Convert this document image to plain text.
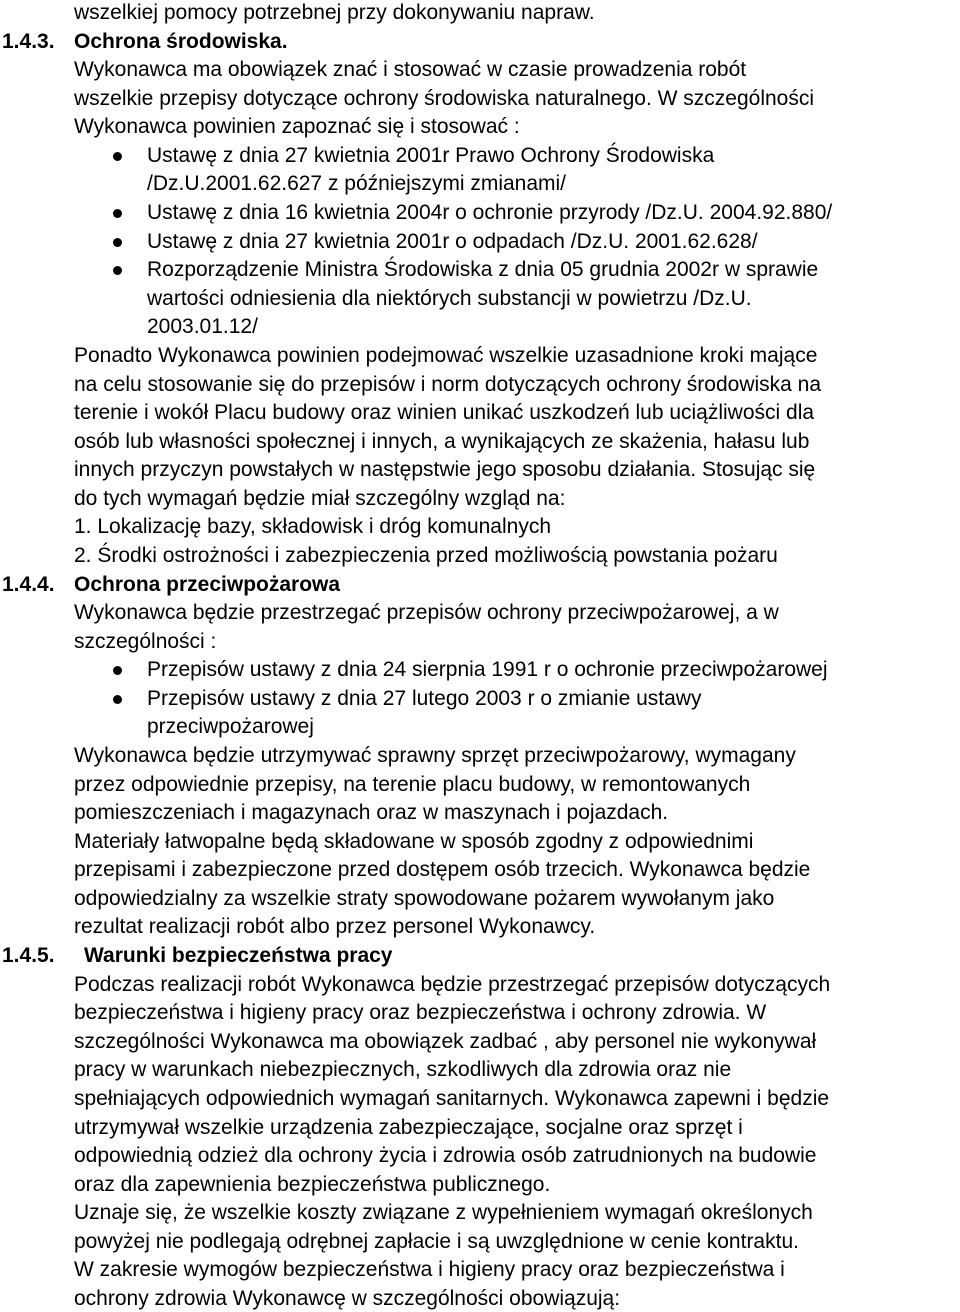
wszelkiej pomocy potrzebnej przy dokonywaniu napraw.
1.4.3. Ochrona środowiska.
Wykonawca ma obowiązek znać i stosować w czasie prowadzenia robót
wszelkie przepisy dotyczące ochrony środowiska naturalnego. W szczególności
Wykonawca powinien zapoznać się i stosować :
Ustawę z dnia 27 kwietnia 2001r Prawo Ochrony Środowiska
/Dz.U.2001.62.627 z późniejszymi zmianami/
Ustawę z dnia 16 kwietnia 2004r o ochronie przyrody /Dz.U. 2004.92.880/
Ustawę z dnia 27 kwietnia 2001r o odpadach /Dz.U. 2001.62.628/
Rozporządzenie Ministra Środowiska z dnia 05 grudnia 2002r w sprawie
wartości odniesienia dla niektórych substancji w powietrzu /Dz.U.
2003.01.12/
Ponadto Wykonawca powinien podejmować wszelkie uzasadnione kroki mające
na celu stosowanie się do przepisów i norm dotyczących ochrony środowiska na
terenie i wokół Placu budowy oraz winien unikać uszkodzeń lub uciążliwości dla
osób lub własności społecznej i innych, a wynikających ze skażenia, hałasu lub
innych przyczyn powstałych w następstwie jego sposobu działania. Stosując się
do tych wymagań będzie miał szczególny wzgląd na:
1. Lokalizację bazy, składowisk i dróg komunalnych
2. Środki ostrożności i zabezpieczenia przed możliwością powstania pożaru
1.4.4. Ochrona przeciwpożarowa
Wykonawca będzie przestrzegać przepisów ochrony przeciwpożarowej, a w
szczególności :
Przepisów ustawy z dnia 24 sierpnia 1991 r o ochronie przeciwpożarowej
Przepisów ustawy z dnia 27 lutego 2003 r o zmianie ustawy
przeciwpożarowej
Wykonawca będzie utrzymywać sprawny sprzęt przeciwpożarowy, wymagany
przez odpowiednie przepisy, na terenie placu budowy, w remontowanych
pomieszczeniach i magazynach oraz w maszynach i pojazdach.
Materiały łatwopalne będą składowane w sposób zgodny z odpowiednimi
przepisami i zabezpieczone przed dostępem osób trzecich. Wykonawca będzie
odpowiedzialny za wszelkie straty spowodowane pożarem wywołanym jako
rezultat realizacji robót albo przez personel Wykonawcy.
1.4.5. Warunki bezpieczeństwa pracy
Podczas realizacji robót Wykonawca będzie przestrzegać przepisów dotyczących
bezpieczeństwa i higieny pracy oraz bezpieczeństwa i ochrony zdrowia. W
szczególności Wykonawca ma obowiązek zadbać , aby personel nie wykonywał
pracy w warunkach niebezpiecznych, szkodliwych dla zdrowia oraz nie
spełniających odpowiednich wymagań sanitarnych. Wykonawca zapewni i będzie
utrzymywał wszelkie urządzenia zabezpieczające, socjalne oraz sprzęt i
odpowiednią odzież dla ochrony życia i zdrowia osób zatrudnionych na budowie
oraz dla zapewnienia bezpieczeństwa publicznego.
Uznaje się, że wszelkie koszty związane z wypełnieniem wymagań określonych
powyżej nie podlegają odrębnej zapłacie i są uwzględnione w cenie kontraktu.
W zakresie wymogów bezpieczeństwa i higieny pracy oraz bezpieczeństwa i
ochrony zdrowia Wykonawcę w szczególności obowiązują:
